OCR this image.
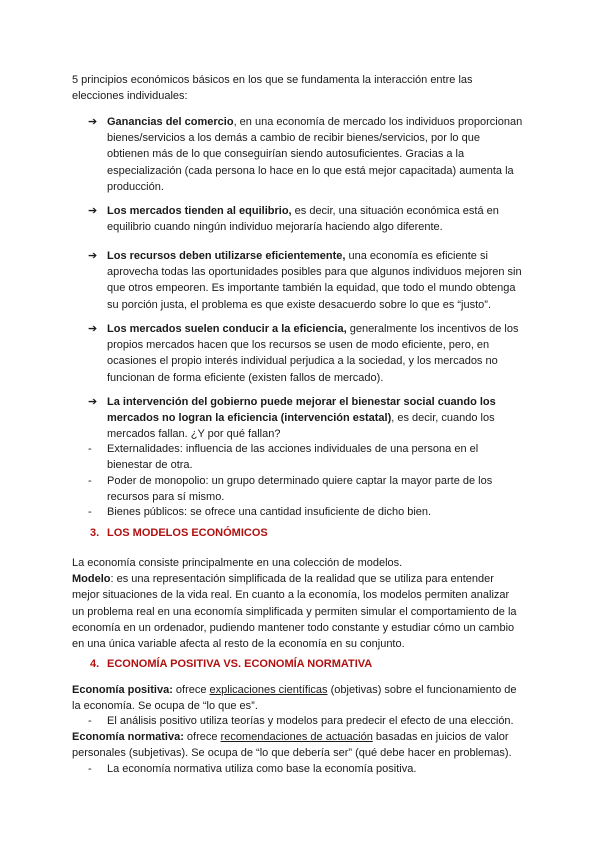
3. LOS MODELOS ECONÓMICOS
4. ECONOMÍA POSITIVA VS. ECONOMÍA NORMATIVA
5 principios económicos básicos en los que se fundamenta la interacción entre las
elecciones individuales:
➔ Ganancias del comercio, en una economía de mercado los individuos proporcionan
bienes/servicios a los demás a cambio de recibir bienes/servicios, por lo que
obtienen más de lo que conseguirían siendo autosuficientes. Gracias a la
especialización (cada persona lo hace en lo que está mejor capacitada) aumenta la
producción.
➔ Los mercados tienden al equilibrio, es decir, una situación económica está en
equilibrio cuando ningún individuo mejoraría haciendo algo diferente.
➔ Los recursos deben utilizarse eficientemente, una economía es eficiente si
aprovecha todas las oportunidades posibles para que algunos individuos mejoren sin
que otros empeoren. Es importante también la equidad, que todo el mundo obtenga
su porción justa, el problema es que existe desacuerdo sobre lo que es “justo”.
➔ Los mercados suelen conducir a la eficiencia, generalmente los incentivos de los
propios mercados hacen que los recursos se usen de modo eficiente, pero, en
ocasiones el propio interés individual perjudica a la sociedad, y los mercados no
funcionan de forma eficiente (existen fallos de mercado).
➔ La intervención del gobierno puede mejorar el bienestar social cuando los
mercados no logran la eficiencia (intervención estatal), es decir, cuando los
mercados fallan. ¿Y por qué fallan?
-	Externalidades: influencia de las acciones individuales de una persona en el
bienestar de otra.
-	Poder de monopolio: un grupo determinado quiere captar la mayor parte de los
recursos para sí mismo.
-	Bienes públicos: se ofrece una cantidad insuficiente de dicho bien.
La economía consiste principalmente en una colección de modelos.
Modelo: es una representación simplificada de la realidad que se utiliza para entender
mejor situaciones de la vida real. En cuanto a la economía, los modelos permiten analizar
un problema real en una economía simplificada y permiten simular el comportamiento de la
economía en un ordenador, pudiendo mantener todo constante y estudiar cómo un cambio
en una única variable afecta al resto de la economía en su conjunto.
Economía positiva: ofrece explicaciones científicas (objetivas) sobre el funcionamiento de
la economía. Se ocupa de “lo que es”.
-	El análisis positivo utiliza teorías y modelos para predecir el efecto de una elección.
Economía normativa: ofrece recomendaciones de actuación basadas en juicios de valor
personales (subjetivas). Se ocupa de “lo que debería ser” (qué debe hacer en problemas).
-	La economía normativa utiliza como base la economía positiva.
